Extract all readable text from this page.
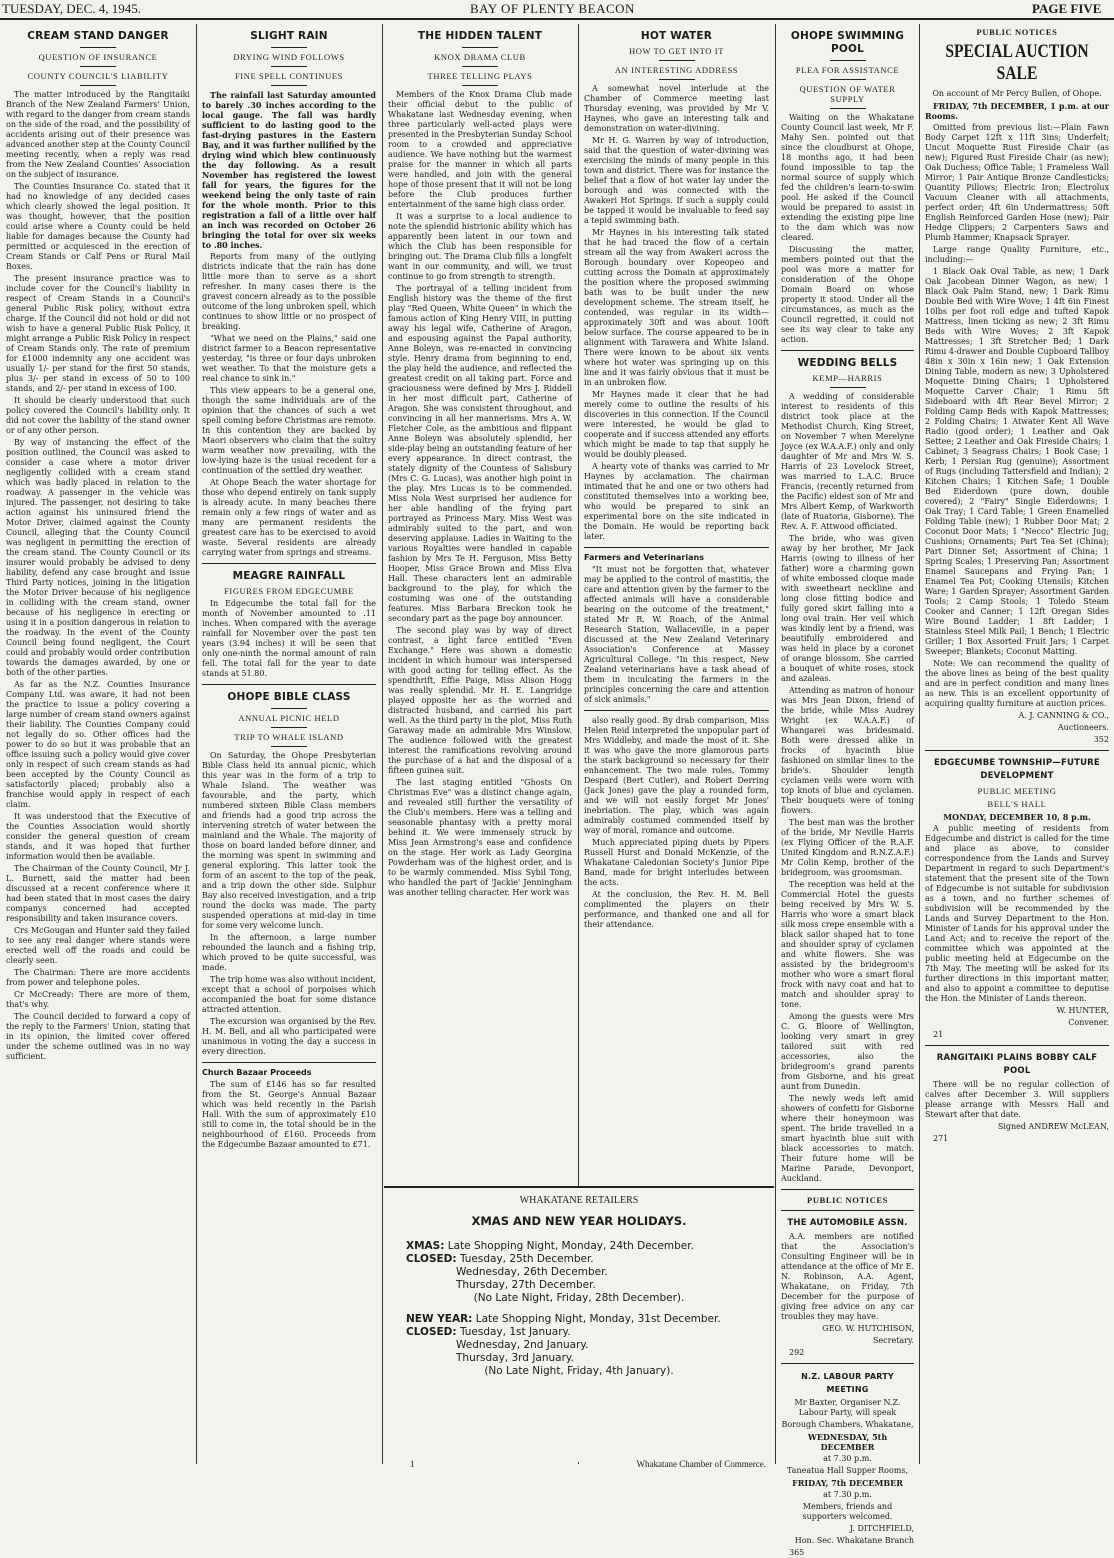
TUESDAY, DEC. 4, 1945.	BAY OF PLENTY BEACON	PAGE FIVE
CREAM STAND DANGER
QUESTION OF INSURANCE
COUNTY COUNCIL'S LIABILITY

The matter introduced by the Rangitaiki Branch of the New Zealand Farmers' Union, with regard to the danger from cream stands on the side of the road, and the possibility of accidents arising out of their presence was advanced another step at the County Council meeting recently, when a reply was read from the New Zealand Counties' Association on the subject of insurance.

The Counties Insurance Co. stated that it had no knowledge of any decided cases which clearly showed the legal position. It was thought, however, that the position could arise where a County could be held liable for damages because the County had permitted or acquiesced in the erection of Cream Stands or Calf Pens or Rural Mail Boxes.

The present insurance practice was to include cover for the Council's liability in respect of Cream Stands in a Council's general Public Risk policy, without extra charge. If the Council did not hold or did not wish to have a general Public Risk Policy, it might arrange a Public Risk Policy in respect of Cream Stands only. The rate of premium for £1000 indemnity any one accident was usually 1/- per stand for the first 50 stands, plus 3/- per stand in excess of 50 to 100 stands, and 2/- per stand in excess of 100.

It should be clearly understood that such policy covered the Council's liability only. It did not cover the liability of the stand owner or of any other person.

By way of instancing the effect of the position outlined, the Council was asked to consider a case where a motor driver negligently collided with a cream stand which was badly placed in relation to the roadway. A passenger in the vehicle was injured. The passenger, not desiring to take action against his uninsured friend the Motor Driver, claimed against the County Council, alleging that the County Council was negligent in permitting the erection of the cream stand. The County Council or its insurer would probably be advised to deny liability, defend any case brought and issue Third Party notices, joining in the litigation the Motor Driver because of his negligence in colliding with the cream stand, owner because of his negligence in erecting or using it in a position dangerous in relation to the roadway. In the event of the County Council being found negligent, the Court could and probably would order contribution towards the damages awarded, by one or both of the other parties.

As far as the N.Z. Counties Insurance Company Ltd. was aware, it had not been the practice to issue a policy covering a large number of cream stand owners against their liability. The Counties Company could not legally do so. Other offices had the power to do so but it was probable that an office issuing such a policy would give cover only in respect of such cream stands as had been accepted by the County Council as satisfactorily placed; probably also a franchise would apply in respect of each claim.

It was understood that the Executive of the Counties Association would shortly consider the general question of cream stands, and it was hoped that further information would then be available.

The Chairman of the County Council, Mr J. L. Burnett, said the matter had been discussed at a recent conference where it had been stated that in most cases the dairy companys concerned had accepted responsibility and taken insurance covers.

Crs McGougan and Hunter said they failed to see any real danger where stands were erected well off the roads and could be clearly seen.

The Chairman: There are more accidents from power and telephone poles.

Cr McCready: There are more of them, that's why.

The Council decided to forward a copy of the reply to the Farmers' Union, stating that in its opinion, the limited cover offered under the scheme outlined was in no way sufficient.

SLIGHT RAIN
DRYING WIND FOLLOWS
FINE SPELL CONTINUES

The rainfall last Saturday amounted to barely .30 inches according to the local gauge. The fall was hardly sufficient to do lasting good to the fast-drying pastures in the Eastern Bay, and it was further nullified by the drying wind which blew continuously the day following. As a result November has registered the lowest fall for years, the figures for the weekend being the only taste of rain for the whole month. Prior to this registration a fall of a little over half an inch was recorded on October 26 bringing the total for over six weeks to .80 inches.

Reports from many of the outlying districts indicate that the rain has done little more than to serve as a short refresher. In many cases there is the gravest concern already as to the possible outcome of the long unbroken spell, which continues to show little or no prospect of breaking.

"What we need on the Plains," said one district farmer to a Beacon representative yesterday, "is three or four days unbroken wet weather. To that the moisture gets a real chance to sink in."

This view appears to be a general one, though the same individuals are of the opinion that the chances of such a wet spell coming before Christmas are remote. In this contention they are backed by Maori observers who claim that the sultry warm weather now prevailing, with the low-lying haze is the usual recedent for a continuation of the settled dry weather.

At Ohope Beach the water shortage for those who depend entirely on tank supply is already acute. In many beaches there remain only a few rings of water and as many are permanent residents the greatest care has to be exercised to avoid waste. Several residents are already carrying water from springs and streams.

MEAGRE RAINFALL
FIGURES FROM EDGECUMBE

In Edgecumbe the total fall for the month of November amounted to .11 inches. When compared with the average rainfall for November over the past ten years (3.94 inches) it will be seen that only one-ninth the normal amount of rain fell. The total fall for the year to date stands at 51.80.

OHOPE BIBLE CLASS
ANNUAL PICNIC HELD
TRIP TO WHALE ISLAND

On Saturday, the Ohope Presbyterian Bible Class held its annual picnic, which this year was in the form of a trip to Whale Island. The weather was favourable, and the party, which numbered sixteen Bible Class members and friends had a good trip across the intervening stretch of water between the mainland and the Whale. The majority of those on board landed before dinner, and the morning was spent in swimming and general exploring. This latter took the form of an ascent to the top of the peak, and a trip down the other side. Sulphur Bay also received investigation, and a trip round the docks was made. The party suspended operations at mid-day in time for some very welcome lunch.

In the afternoon, a large number rebounded the launch and a fishing trip, which proved to be quite successful, was made.

The trip home was also without incident, except that a school of porpoises which accompanied the boat for some distance attracted attention.

The excursion was organised by the Rev. H. M. Bell, and all who participated were unanimous in voting the day a success in every direction.

Church Bazaar Proceeds

The sum of £146 has so far resulted from the St. George's Annual Bazaar which was held recently in the Parish Hall. With the sum of approximately £10 still to come in, the total should be in the neighbourhood of £160. Proceeds from the Edgecumbe Bazaar amounted to £71.

THE HIDDEN TALENT
KNOX DRAMA CLUB
THREE TELLING PLAYS

Members of the Knox Drama Club made their official debut to the public of Whakatane last Wednesday evening, when three particularly well-acted plays were presented in the Presbyterian Sunday School room to a crowded and appreciative audience. We have nothing but the warmest praise for the manner in which all parts were handled, and join with the general hope of those present that it will not be long before the Club produces further entertainment of the same high class order.

It was a surprise to a local audience to note the splendid histrionic ability which has apparently been latent in our town and which the Club has been responsible for bringing out. The Drama Club fills a longfelt want in our community, and will, we trust continue to go from strength to strength.

The portrayal of a telling incident from English history was the theme of the first play "Red Queen, White Queen" in which the famous action of King Henry VIII, in putting away his legal wife, Catherine of Aragon, and espousing against the Papal authority, Anne Boleyn, was re-enacted in convincing style. Henry drama from beginning to end, the play held the audience, and reflected the greatest credit on all taking part. Force and graciousness were defined by Mrs J. Riddell in her most difficult part, Catherine of Aragon. She was consistent throughout, and convincing in all her mannerisms. Mrs A. W. Fletcher Cole, as the ambitious and flippant Anne Boleyn was absolutely splendid, her side-play being an outstanding feature of her every appearance. In direct contrast, the stately dignity of the Countess of Salisbury (Mrs C. G. Lucas), was another high point in the play. Mrs Lucas is to be commended. Miss Nola West surprised her audience for her able handling of the frying part portrayed as Princess Mary. Miss West was admirably suited to the part, and won deserving applause. Ladies in Waiting to the various Royalties were handled in capable fashion by Mrs Te H. Ferguson, Miss Betty Hooper, Miss Grace Brown and Miss Elva Hall. These characters lent an admirable background to the play, for which the costuming was one of the outstanding features. Miss Barbara Breckon took he secondary part as the page boy announcer.

The second play was by way of direct contrast, a light farce entitled "Even Exchange." Here was shown a domestic incident in which humour was interspersed with good acting for telling effect. As the spendthrift, Effie Paige, Miss Alison Hogg was really splendid. Mr H. E. Langridge played opposite her as the worried and distracted husband, and carried his part well. As the third party in the plot, Miss Ruth Garaway made an admirable Mrs Winslow. The audience followed with the greatest interest the ramifications revolving around the purchase of a hat and the disposal of a fifteen guinea suit.

The last staging entitled "Ghosts On Christmas Eve" was a distinct change again, and revealed still further the versatility of the Club's members. Here was a telling and seasonable phantasy with a pretty moral behind it. We were immensely struck by Miss Jean Armstrong's ease and confidence on the stage. Her work as Lady Georgina Powderham was of the highest order, and is to be warmly commended. Miss Sybil Tong, who handled the part of 'Jackie' Jenningham was another telling character. Her work was

HOT WATER
HOW TO GET INTO IT
AN INTERESTING ADDRESS

A somewhat novel interlude at the Chamber of Commerce meeting last Thursday evening, was provided by Mr V. Haynes, who gave an interesting talk and demonstration on water-divining.

Mr H. G. Warren by way of introduction, said that the question of water-divining was exercising the minds of many people in this town and district. There was for instance the belief that a flow of hot water lay under the borough and was connected with the Awakeri Hot Springs. If such a supply could be tapped it would be invaluable to feed say a tepid swimming bath.

Mr Haynes in his interesting talk stated that he had traced the flow of a certain stream all the way from Awakeri across the Borough boundary over Kopeopeo and cutting across the Domain at approximately the position where the proposed swimming bath was to be built under the new development scheme. The stream itself, he contended, was regular in its width—approximately 30ft and was about 100ft below surface. The course appeared to be in alignment with Tarawera and White Island. There were known to be about six vents where hot water was springing up on this line and it was fairly obvious that it must be in an unbroken flow.

Mr Haynes made it clear that he had merely come to outline the results of his discoveries in this connection. If the Council were interested, he would be glad to cooperate and if success attended any efforts which might be made to tap that supply he would be doubly pleased.

A hearty vote of thanks was carried to Mr Haynes by acclamation. The chairman intimated that he and one or two others had constituted themselves into a working bee, who would be prepared to sink an experimental bore on the site indicated in the Domain. He would be reporting back later.

Farmers and Veterinarians

"It must not be forgotten that, whatever may be applied to the control of mastitis, the care and attention given by the farmer to the affected animals will have a considerable bearing on the outcome of the treatment," stated Mr R. W. Roach, of the Animal Research Station, Wallaceville, in a paper discussed at the New Zealand Veterinary Association's Conference at Massey Agricultural College. "In this respect, New Zealand veterinarians have a task ahead of them in inculcating the farmers in the principles concerning the care and attention of sick animals."

also really good. By drab comparison, Miss Helen Reid interpreted the unpopular part of Mrs Widdleby, and made the most of it. She it was who gave the more glamorous parts the stark background so necessary for their enhancement. The two male roles, Tommy Despard (Bert Cutler), and Robert Derring (Jack Jones) gave the play a rounded form, and we will not easily forget Mr Jones' inebriation. The play, which was again admirably costumed commended itself by way of moral, romance and outcome.

Much appreciated piping duets by Pipers Russell Hurst and Donald McKenzie, of the Whakatane Caledonian Society's Junior Pipe Band, made for bright interludes between the acts.

At the conclusion, the Rev. H. M. Bell complimented the players on their performance, and thanked one and all for their attendance.

OHOPE SWIMMING POOL
PLEA FOR ASSISTANCE
QUESTION OF WATER SUPPLY

Waiting on the Whakatane County Council last week, Mr F. Mahy Sen. pointed out that since the cloudburst at Ohope, 18 months ago, it had been found impossible to tap the normal source of supply which fed the children's learn-to-swim pool. He asked if the Council would be prepared to assist in extending the existing pipe line to the dam which was now cleared.

Discussing the matter, members pointed out that the pool was more a matter for consideration of the Ohope Domain Board on whose property it stood. Under all the circumstances, as much as the Council regretted, it could not see its way clear to take any action.

WEDDING BELLS
KEMP—HARRIS

A wedding of considerable interest to residents of this district took place at the Methodist Church, King Street, on November 7 when Merelyne Joyce (ex W.A.A.F.) only and only daughter of Mr and Mrs W. S. Harris of 23 Lovelock Street, was married to L.A.C. Bruce Francis, (recently returned from the Pacific) eldest son of Mr and Mrs Albert Kemp, of Warkworth (late of Ruatoria, Gisborne). The Rev. A. F. Attwood officiated.

The bride, who was given away by her brother, Mr Jack Harris (owing to illness of her father) wore a charming gown of white embossed cloque made with sweetheart neckline and long close fitting bodice and fully gored skirt falling into a long oval train. Her veil which was kindly lent by a friend, was beautifully embroidered and was held in place by a coronet of orange blossom. She carried a bouquet of white roses, stock and azaleas.

Attending as matron of honour was Mrs Jean Dixon, friend of the bride, while Miss Audrey Wright (ex W.A.A.F.) of Whangarei was bridesmaid. Both were dressed alike in frocks of hyacinth blue fashioned on similar lines to the bride's. Shoulder length cyclamen veils were worn with top knots of blue and cyclamen. Their bouquets were of toning flowers.

The best man was the brother of the bride, Mr Neville Harris (ex Flying Officer of the R.A.F. United Kingdom and R.N.Z.A.F.) Mr Colin Kemp, brother of the bridegroom, was groomsman.

The reception was held at the Commercial Hotel the guests being received by Mrs W. S. Harris who wore a smart black silk moss crepe ensemble with a black sailor shaped hat to tone and shoulder spray of cyclamen and white flowers. She was assisted by the bridegroom's mother who wore a smart floral frock with navy coat and hat to match and shoulder spray to tone.

Among the guests were Mrs C. G. Bloore of Wellington, looking very smart in grey tailored suit with red accessories, also the bridegroom's grand parents from Gisborne, and his great aunt from Dunedin.

The newly weds left amid showers of confetti for Gisborne where their honeymoon was spent. The bride travelled in a smart hyacinth blue suit with black accessories to match. Their future home will be Marine Parade, Devonport, Auckland.

PUBLIC NOTICES
THE AUTOMOBILE ASSN.

A.A. members are notified that the Association's Consulting Engineer will be in attendance at the office of Mr E. N. Robinson, A.A. Agent, Whakatane, on Friday, 7th December for the purpose of giving free advice on any car troubles they may have.

GEO. W. HUTCHISON,

Secretary.

292

N.Z. LABOUR PARTY MEETING

Mr Baxter, Organiser N.Z. Labour Party, will speak

Borough Chambers, Whakatane,

WEDNESDAY, 5th DECEMBER

at 7.30 p.m.

Taneatua Hall Supper Rooms,

FRIDAY, 7th DECEMBER

at 7.30 p.m.

Members, friends and supporters welcomed.

J. DITCHFIELD,

Hon. Sec. Whakatane Branch

365

PUBLIC NOTICES
SPECIAL AUCTION SALE

On account of Mr Percy Bullen, of Ohope.

FRIDAY, 7th DECEMBER, 1 p.m. at our Rooms.

Omitted from previous list:—Plain Fawn Body Carpet 12ft x 11ft 3ins; Underfelt; Uncut Moquette Rust Fireside Chair (as new); Figured Rust Fireside Chair (as new); Oak Duchess; Office Table; 1 Frameless Wall Mirror; 1 Pair Antique Bronze Candlesticks; Quantity Pillows; Electric Iron; Electrolux Vacuum Cleaner with all attachments, perfect order; 4ft 6in Undermattress; 50ft English Reinforced Garden Hose (new); Pair Hedge Clippers; 2 Carpenters Saws and Plumb Hammer; Knapsack Sprayer.

Large range Quality Furniture, etc., including:—

1 Black Oak Oval Table, as new; 1 Dark Oak Jacobean Dinner Wagon, as new; 1 Black Oak Palm Stand, new; 1 Dark Rimu Double Bed with Wire Wove; 1 4ft 6in Finest 10lbs per foot roll edge and tufted Kapok Mattress, linen ticking as new; 2 3ft Rimu Beds with Wire Woves; 2 3ft Kapok Mattresses; 1 3ft Stretcher Bed; 1 Dark Rimu 4-drawer and Double Cupboard Tallboy 48in x 30in x 16in new; 1 Oak Extension Dining Table, modern as new; 3 Upholstered Moquette Dining Chairs; 1 Upholstered Moquette Carver Chair; 1 Rimu 5ft Sideboard with 4ft Rear Bevel Mirror; 2 Folding Camp Beds with Kapok Mattresses; 2 Folding Chairs; 1 Atwater Kent All Wave Radio (good order); 1 Leather and Oak Settee; 2 Leather and Oak Fireside Chairs; 1 Cabinet; 3 Seagrass Chairs; 1 Book Case; 1 Kerb; 1 Persian Rug (genuine); Assortment of Rugs (including Tattersfield and Indian); 2 Kitchen Chairs; 1 Kitchen Safe; 1 Double Bed Eiderdown (pure down, double covered); 2 "Fairy" Single Eiderdowns; 1 Oak Tray; 1 Card Table; 1 Green Enamelled Folding Table (new); 1 Rubber Door Mat; 2 Coconut Door Mats; 1 "Necco" Electric Jug; Cushions; Ornaments; Part Tea Set (China); Part Dinner Set; Assortment of China; 1 Spring Scales; 1 Preserving Pan; Assortment Enamel Saucepans and Frying Pan; 1 Enamel Tea Pot; Cooking Utensils; Kitchen Ware; 1 Garden Sprayer; Assortment Garden Tools; 2 Camp Stools; 1 Toledo Steam Cooker and Canner; 1 12ft Oregan Sides Wire Bound Ladder; 1 8ft Ladder; 1 Stainless Steel Milk Pail; 1 Bench; 1 Electric Griller; 1 Box Assorted Fruit Jars; 1 Carpet Sweeper; Blankets; Coconut Matting.

Note: We can recommend the quality of the above lines as being of the best quality and are in perfect condition and many lines as new. This is an excellent opportunity of acquiring quality furniture at auction prices.

A. J. CANNING & CO.,

Auctioneers.

352

EDGECUMBE TOWNSHIP—FUTURE DEVELOPMENT
PUBLIC MEETING
BELL'S HALL

MONDAY, DECEMBER 10, 8 p.m.

A public meeting of residents from Edgecumbe and district is called for the time and place as above, to consider correspondence from the Lands and Survey Department in regard to such Department's statement that the present site of the Town of Edgecumbe is not suitable for subdivision as a town, and no further schemes of subdivision will be recommended by the Lands and Survey Department to the Hon. Minister of Lands for his approval under the Land Act; and to receive the report of the committee which was appointed at the public meeting held at Edgecumbe on the 7th May. The meeting will be asked for its further directions in this important matter, and also to appoint a committee to deputise the Hon. the Minister of Lands thereon.

W. HUNTER,

Convener.

21

RANGITAIKI PLAINS BOBBY CALF POOL

There will be no regular collection of calves after December 3. Will suppliers please arrange with Messrs Hall and Stewart after that date.

Signed ANDREW McLEAN,

271

WHAKATANE RETAILERS
XMAS AND NEW YEAR HOLIDAYS.
XMAS: Late Shopping Night, Monday, 24th December.
CLOSED: Tuesday, 25th December.
Wednesday, 26th December.
Thursday, 27th December.
(No Late Night, Friday, 28th December).
NEW YEAR: Late Shopping Night, Monday, 31st December.
CLOSED: Tuesday, 1st January.
Wednesday, 2nd January.
Thursday, 3rd January.
(No Late Night, Friday, 4th January).
1	Whakatane Chamber of Commerce.
